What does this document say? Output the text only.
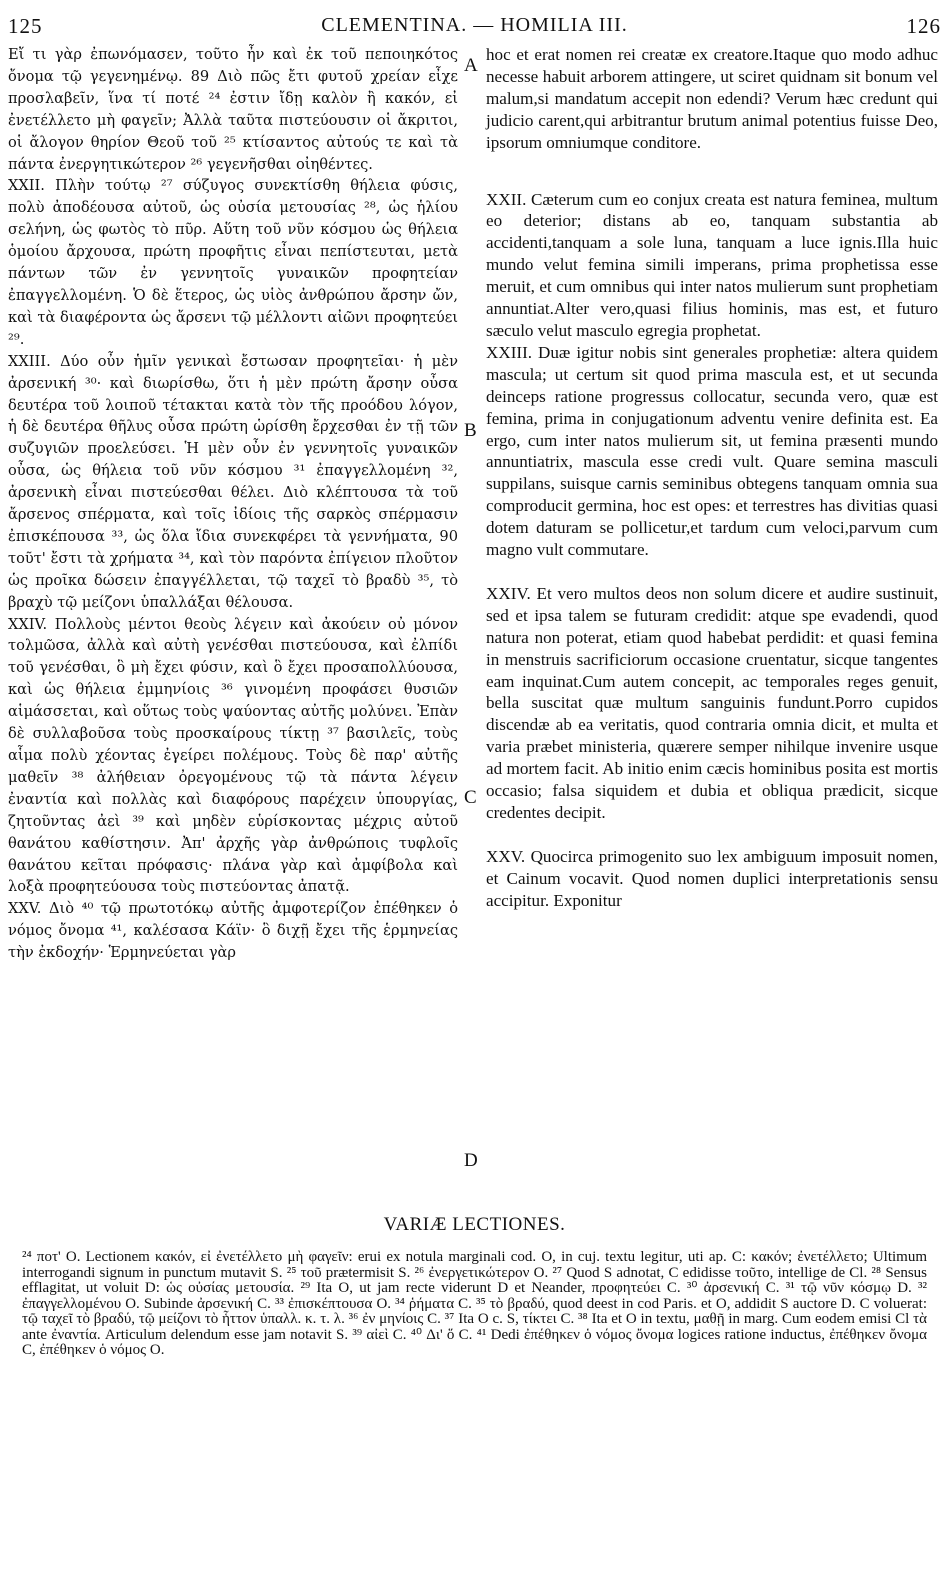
125	CLEMENTINA. — HOMILIA III.	126

Εἴ τι γὰρ ἐπωνόμασεν, τοῦτο ἦν καὶ ἐκ τοῦ πεποιηκότος ὄνομα τῷ γεγενημένῳ. 89 Διὸ πῶς ἔτι φυτοῦ χρείαν εἶχε προσλαβεῖν, ἵνα τί ποτέ ²⁴ ἐστιν ἴδῃ καλὸν ἢ κακόν, εἰ ἐνετέλλετο μὴ φαγεῖν; Ἀλλὰ ταῦτα πιστεύουσιν οἱ ἄκριτοι, οἱ ἄλογον θηρίον Θεοῦ τοῦ ²⁵ κτίσαντος αὐτούς τε καὶ τὰ πάντα ἐνεργητικώτερον ²⁶ γεγενῆσθαι οἰηθέντες.

XXII. Πλὴν τούτῳ ²⁷ σύζυγος συνεκτίσθη θήλεια φύσις, πολὺ ἀποδέουσα αὐτοῦ, ὡς οὐσία μετουσίας ²⁸, ὡς ἡλίου σελήνη, ὡς φωτὸς τὸ πῦρ. Αὕτη τοῦ νῦν κόσμου ὡς θήλεια ὁμοίου ἄρχουσα, πρώτη προφῆτις εἶναι πεπίστευται, μετὰ πάντων τῶν ἐν γεννητοῖς γυναικῶν προφητείαν ἐπαγγελλομένη. Ὁ δὲ ἕτερος, ὡς υἱὸς ἀνθρώπου ἄρσην ὤν, καὶ τὰ διαφέροντα ὡς ἄρσενι τῷ μέλλοντι αἰῶνι προφητεύει ²⁹.

XXIII. Δύο οὖν ἡμῖν γενικαὶ ἔστωσαν προφητεῖαι· ἡ μὲν ἀρσενική ³⁰· καὶ διωρίσθω, ὅτι ἡ μὲν πρώτη ἄρσην οὖσα δευτέρα τοῦ λοιποῦ τέτακται κατὰ τὸν τῆς προόδου λόγον, ἡ δὲ δευτέρα θῆλυς οὖσα πρώτη ὡρίσθη ἔρχεσθαι ἐν τῇ τῶν συζυγιῶν προελεύσει. Ἡ μὲν οὖν ἐν γεννητοῖς γυναικῶν οὖσα, ὡς θήλεια τοῦ νῦν κόσμου ³¹ ἐπαγγελλομένη ³², ἀρσενικὴ εἶναι πιστεύεσθαι θέλει. Διὸ κλέπτουσα τὰ τοῦ ἄρσενος σπέρματα, καὶ τοῖς ἰδίοις τῆς σαρκὸς σπέρμασιν ἐπισκέπουσα ³³, ὡς ὅλα ἴδια συνεκφέρει τὰ γεννήματα, 90 τοῦτ' ἔστι τὰ χρήματα ³⁴, καὶ τὸν παρόντα ἐπίγειον πλοῦτον ὡς προῖκα δώσειν ἐπαγγέλλεται, τῷ ταχεῖ τὸ βραδὺ ³⁵, τὸ βραχὺ τῷ μείζονι ὑπαλλάξαι θέλουσα.

XXIV. Πολλοὺς μέντοι θεοὺς λέγειν καὶ ἀκούειν οὐ μόνον τολμῶσα, ἀλλὰ καὶ αὐτὴ γενέσθαι πιστεύουσα, καὶ ἐλπίδι τοῦ γενέσθαι, ὃ μὴ ἔχει φύσιν, καὶ ὃ ἔχει προσαπολλύουσα, καὶ ὡς θήλεια ἐμμηνίοις ³⁶ γινομένη προφάσει θυσιῶν αἱμάσσεται, καὶ οὕτως τοὺς ψαύοντας αὐτῆς μολύνει. Ἐπὰν δὲ συλλαβοῦσα τοὺς προσκαίρους τίκτῃ ³⁷ βασιλεῖς, τοὺς αἷμα πολὺ χέοντας ἐγείρει πολέμους. Τοὺς δὲ παρ' αὐτῆς μαθεῖν ³⁸ ἀλήθειαν ὀρεγομένους τῷ τὰ πάντα λέγειν ἐναντία καὶ πολλὰς καὶ διαφόρους παρέχειν ὑπουργίας, ζητοῦντας ἀεὶ ³⁹ καὶ μηδὲν εὑρίσκοντας μέχρις αὐτοῦ θανάτου καθίστησιν. Ἀπ' ἀρχῆς γὰρ ἀνθρώποις τυφλοῖς θανάτου κεῖται πρόφασις· πλάνα γὰρ καὶ ἀμφίβολα καὶ λοξὰ προφητεύουσα τοὺς πιστεύοντας ἀπατᾷ.

XXV. Διὸ ⁴⁰ τῷ πρωτοτόκῳ αὐτῆς ἀμφοτερίζον ἐπέθηκεν ὁ νόμος ὄνομα ⁴¹, καλέσασα Κάϊν· ὃ διχῇ ἔχει τῆς ἑρμηνείας τὴν ἐκδοχήν· Ἑρμηνεύεται γὰρ

A
B
C
D

hoc et erat nomen rei creatæ ex creatore.Itaque quo modo adhuc necesse habuit arborem attingere, ut sciret quidnam sit bonum vel malum,si mandatum accepit non edendi? Verum hæc credunt qui judicio carent,qui arbitrantur brutum animal potentius fuisse Deo, ipsorum omniumque conditore.

XXII. Cæterum cum eo conjux creata est natura feminea, multum eo deterior; distans ab eo, tanquam substantia ab accidenti,tanquam a sole luna, tanquam a luce ignis.Illa huic mundo velut femina simili imperans, prima prophetissa esse meruit, et cum omnibus qui inter natos mulierum sunt prophetiam annuntiat.Alter vero,quasi filius hominis, mas est, et futuro sæculo velut masculo egregia prophetat.

XXIII. Duæ igitur nobis sint generales prophetiæ: altera quidem mascula; ut certum sit quod prima mascula est, et ut secunda deinceps ratione progressus collocatur, secunda vero, quæ est femina, prima in conjugationum adventu venire definita est. Ea ergo, cum inter natos mulierum sit, ut femina præsenti mundo annuntiatrix, mascula esse credi vult. Quare semina masculi suppilans, suisque carnis seminibus obtegens tanquam omnia sua comproducit germina, hoc est opes: et terrestres has divitias quasi dotem daturam se pollicetur,et tardum cum veloci,parvum cum magno vult commutare.

XXIV. Et vero multos deos non solum dicere et audire sustinuit, sed et ipsa talem se futuram credidit: atque spe evadendi, quod natura non poterat, etiam quod habebat perdidit: et quasi femina in menstruis sacrificiorum occasione cruentatur, sicque tangentes eam inquinat.Cum autem concepit, ac temporales reges genuit, bella suscitat quæ multum sanguinis fundunt.Porro cupidos discendæ ab ea veritatis, quod contraria omnia dicit, et multa et varia præbet ministeria, quærere semper nihilque invenire usque ad mortem facit. Ab initio enim cæcis hominibus posita est mortis occasio; falsa siquidem et dubia et obliqua prædicit, sicque credentes decipit.

XXV. Quocirca primogenito suo lex ambiguum imposuit nomen, et Cainum vocavit. Quod nomen duplici interpretationis sensu accipitur. Exponitur

VARIÆ LECTIONES.

²⁴ ποτ' O. Lectionem κακόν, εἰ ἐνετέλλετο μὴ φαγεῖν: erui ex notula marginali cod. O, in cuj. textu legitur, uti ap. C: κακόν; ἐνετέλλετο; Ultimum interrogandi signum in punctum mutavit S. ²⁵ τοῦ prætermisit S. ²⁶ ἐνεργετικώτερον O. ²⁷ Quod S adnotat, C edidisse τοῦτο, intellige de Cl. ²⁸ Sensus efflagitat, ut voluit D: ὡς οὐσίας μετουσία. ²⁹ Ita O, ut jam recte viderunt D et Neander, προφητεύει C. ³⁰ ἀρσενική C. ³¹ τῷ νῦν κόσμῳ D. ³² ἐπαγγελλομένου O. Subinde ἀρσενική C. ³³ ἐπισκέπτουσα O. ³⁴ ῥήματα C. ³⁵ τὸ βραδύ, quod deest in cod Paris. et O, addidit S auctore D. C voluerat: τῷ ταχεῖ τὸ βραδύ, τῷ μείζονι τὸ ἧττον ὑπαλλ. κ. τ. λ. ³⁶ ἐν μηνίοις C. ³⁷ Ita O c. S, τίκτει C. ³⁸ Ita et O in textu, μαθῇ in marg. Cum eodem emisi Cl τὰ ante ἐναντία. Articulum delendum esse jam notavit S. ³⁹ αἰεὶ C. ⁴⁰ Δι' ὅ C. ⁴¹ Dedi ἐπέθηκεν ὁ νόμος ὄνομα logices ratione inductus, ἐπέθηκεν ὄνομα C, ἐπέθηκεν ὁ νόμος O.
